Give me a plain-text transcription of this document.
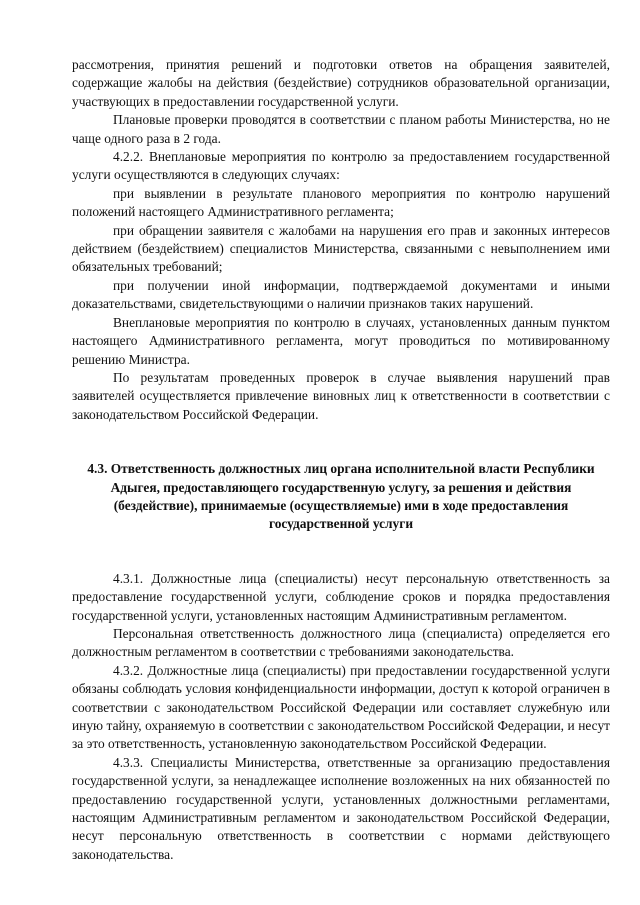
рассмотрения, принятия решений и подготовки ответов на обращения заявителей, содержащие жалобы на действия (бездействие) сотрудников образовательной организации, участвующих в предоставлении государственной услуги.

Плановые проверки проводятся в соответствии с планом работы Министерства, но не чаще одного раза в 2 года.

4.2.2. Внеплановые мероприятия по контролю за предоставлением государственной услуги осуществляются в следующих случаях:

при выявлении в результате планового мероприятия по контролю нарушений положений настоящего Административного регламента;

при обращении заявителя с жалобами на нарушения его прав и законных интересов действием (бездействием) специалистов Министерства, связанными с невыполнением ими обязательных требований;

при получении иной информации, подтверждаемой документами и иными доказательствами, свидетельствующими о наличии признаков таких нарушений.

Внеплановые мероприятия по контролю в случаях, установленных данным пунктом настоящего Административного регламента, могут проводиться по мотивированному решению Министра.

По результатам проведенных проверок в случае выявления нарушений прав заявителей осуществляется привлечение виновных лиц к ответственности в соответствии с законодательством Российской Федерации.

4.3. Ответственность должностных лиц органа исполнительной власти Республики Адыгея, предоставляющего государственную услугу, за решения и действия (бездействие), принимаемые (осуществляемые) ими в ходе предоставления государственной услуги

4.3.1. Должностные лица (специалисты) несут персональную ответственность за предоставление государственной услуги, соблюдение сроков и порядка предоставления государственной услуги, установленных настоящим Административным регламентом.

Персональная ответственность должностного лица (специалиста) определяется его должностным регламентом в соответствии с требованиями законодательства.

4.3.2. Должностные лица (специалисты) при предоставлении государственной услуги обязаны соблюдать условия конфиденциальности информации, доступ к которой ограничен в соответствии с законодательством Российской Федерации или составляет служебную или иную тайну, охраняемую в соответствии с законодательством Российской Федерации, и несут за это ответственность, установленную законодательством Российской Федерации.

4.3.3. Специалисты Министерства, ответственные за организацию предоставления государственной услуги, за ненадлежащее исполнение возложенных на них обязанностей по предоставлению государственной услуги, установленных должностными регламентами, настоящим Административным регламентом и законодательством Российской Федерации, несут персональную ответственность в соответствии с нормами действующего законодательства.
